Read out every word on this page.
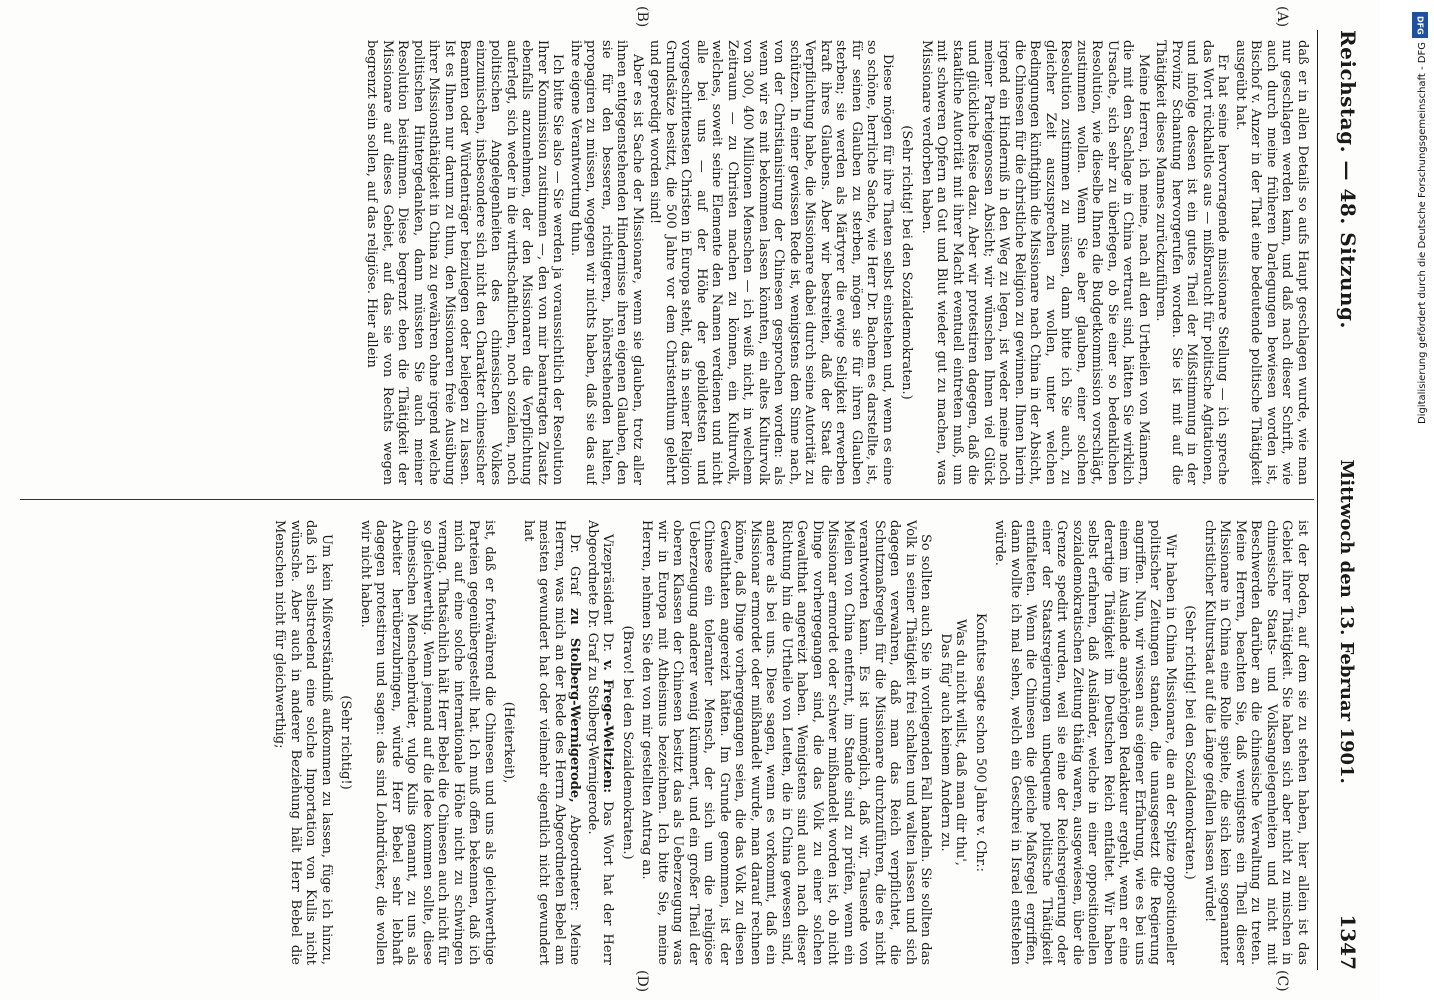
Reichstag. — 48. Sitzung.
Mittwoch den 13. Februar 1901.
1347
(A)
(B)
(C)
(D)

daß er in allen Details so aufs Haupt geschlagen wurde, wie man nur geschlagen werden kann, und daß nach dieser Schrift, wie auch durch meine früheren Darlegungen bewiesen worden ist, Bischof v. Anzer in der That eine bedeutende politische Thätigkeit ausgeübt hat.

Er hat seine hervorragende missionare Stellung — ich spreche das Wort rückhaltlos aus — mißbraucht für politische Agitationen, und infolge dessen ist ein gutes Theil der Mißstimmung in der Provinz Schantung hervorgerufen worden. Sie ist mit auf die Thätigkeit dieses Mannes zurückzuführen.

Meine Herren, ich meine, nach all den Urtheilen von Männern, die mit den Sachlage in China vertraut sind, hätten Sie wirklich Ursache, sich sehr zu überlegen, ob Sie einer so bedenklichen Resolution, wie dieselbe Ihnen die Budgetkommission vorschlägt, zustimmen wollen. Wenn Sie aber glauben, einer solchen Resolution zustimmen zu müssen, dann bitte ich Sie auch, zu gleicher Zeit auszusprechen zu wollen, unter welchen Bedingungen künftighin die Missionare nach China in der Absicht, die Chinesen für die christliche Religion zu gewinnen. Ihnen hierin irgend ein Hinderniß in den Weg zu legen, ist weder meine noch meiner Parteigenossen Absicht; wir wünschen Ihnen viel Glück und glückliche Reise dazu. Aber wir protestiren dagegen, daß die staatliche Autorität mit ihrer Macht eventuell eintreten muß, um mit schweren Opfern an Gut und Blut wieder gut zu machen, was Missionare verdorben haben.

(Sehr richtig! bei den Sozialdemokraten.)

Diese mögen für ihre Thaten selbst einstehen und, wenn es eine so schöne, herrliche Sache, wie Herr Dr. Bachem es darstellte, ist, für seinen Glauben zu sterben, mögen sie für ihren Glauben sterben; sie werden als Märtyrer die ewige Seligkeit erwerben kraft ihres Glaubens. Aber wir bestreiten, daß der Staat die Verpflichtung habe, die Missionare dabei durch seine Autorität zu schützen. In einer gewissen Rede ist, wenigstens dem Sinne nach, von der Christianisirung der Chinesen gesprochen worden: als wenn wir es mit bekommen lassen könnten, ein altes Kulturvolk von 300, 400 Millionen Menschen — ich weiß nicht, in welchem Zeitraum — zu Christen machen zu können, ein Kulturvolk, welches, soweit seine Elemente den Namen verdienen und nicht alle bei uns — auf der Höhe der gebildetsten und vorgeschrittensten Christen in Europa steht, das in seiner Religion Grundsätze besitzt, die 500 Jahre vor dem Christenthum gelehrt und gepredigt worden sind!

Aber es ist Sache der Missionare, wenn sie glauben, trotz aller ihnen entgegenstehenden Hindernisse ihren eigenen Glauben, den sie für den besseren, richtigeren, höherstehenden halten, propagiren zu müssen, wogegen wir nichts haben, daß sie das auf ihre eigene Verantwortung thun.

Ich bitte Sie also — Sie werden ja voraussichtlich der Resolution Ihrer Kommission zustimmen —, den von mir beantragten Zusatz ebenfalls anzunehmen, der den Missionaren die Verpflichtung auferlegt, sich weder in die wirthschaftlichen, noch sozialen, noch politischen Angelegenheiten des chinesischen Volkes einzumischen, insbesondere sich nicht den Charakter chinesischer Beamten oder Würdenträger beizulegen oder beilegen zu lassen. Ist es Ihnen nur darum zu thun, den Missionaren freie Ausübung ihrer Missionsthätigkeit in China zu gewähren ohne irgend welche politischen Hintergedanken, dann müssten Sie auch meiner Resolution beistimmen. Diese begrenzt eben die Thätigkeit der Missionare auf dieses Gebiet, auf das sie von Rechts wegen begrenzt sein sollen, auf das religiöse. Hier allein

ist der Boden, auf dem sie zu stehen haben, hier allein ist das Gebiet ihrer Thätigkeit. Sie haben sich aber nicht zu mischen in chinesische Staats- und Volksangelegenheiten und nicht mit Beschwerden darüber an die chinesische Verwaltung zu treten. Meine Herren, beachten Sie, daß wenigstens ein Theil dieser Missionare in China eine Rolle spielte, die sich kein sogenannter christlicher Kulturstaat auf die Länge gefallen lassen würde!

(Sehr richtig! bei den Sozialdemokraten.)

Wir haben in China Missionare, die an der Spitze oppositioneller politischer Zeitungen standen, die unausgesetzt die Regierung angriffen. Nun, wir wissen aus eigener Erfahrung, wie es bei uns einem im Auslande angehörigen Redakteur ergeht, wenn er eine derartige Thätigkeit im Deutschen Reich entfaltet. Wir haben selbst erfahren, daß Ausländer, welche in einer oppositionellen sozialdemokratischen Zeitung thätig waren, ausgewiesen, über die Grenze spedirt wurden, weil sie eine der Reichsregierung oder einer der Staatsregierungen unbequeme politische Thätigkeit entfalteten. Wenn die Chinesen die gleiche Maßregel ergriffen, dann wollte ich mal sehen, welch ein Geschrei in Israel entstehen würde.

Konfutse sagte schon 500 Jahre v. Chr.:

Was du nicht willst, daß man dir thu',
Das füg' auch keinem Andern zu.

So sollten auch Sie in vorliegenden Fall handeln. Sie sollten das Volk in seiner Thätigkeit frei schalten und walten lassen und sich dagegen verwahren, daß man das Reich verpflichtet, die Schutzmaßregeln für die Missionare durchzuführen, die es nicht verantworten kann. Es ist unmöglich, daß wir, Tausende von Meilen von China entfernt, im Stande sind zu prüfen, wenn ein Missionar ermordet oder schwer mißhandelt worden ist, ob nicht Dinge vorhergegangen sind, die das Volk zu einer solchen Gewaltthat angereizt haben. Wenigstens sind auch nach dieser Richtung hin die Urtheile von Leuten, die in China gewesen sind, andere als bei uns. Diese sagen, wenn es vorkommt, daß ein Missionar ermordet oder mißhandelt wurde, man darauf rechnen könne, daß Dinge vorhergegangen seien, die das Volk zu diesen Gewaltthaten angereizt hätten. Im Grunde genommen, ist der Chinese ein toleranter Mensch, der sich um die religiöse Ueberzeugung anderer wenig kümmert, und ein großer Theil der oberen Klassen der Chinesen besitzt das als Ueberzeugung was wir in Europa mit Atheismus bezeichnen. Ich bitte Sie, meine Herren, nehmen Sie den von mir gestellten Antrag an.

(Bravo! bei den Sozialdemokraten.)

Vizepräsident Dr. v. Frege-Weltzien: Das Wort hat der Herr Abgeordnete Dr. Graf zu Stolberg-Wernigerode.

Dr. Graf zu Stolberg-Wernigerode, Abgeordneter: Meine Herren, was mich an der Rede des Herrn Abgeordneten Bebel am meisten gewundert hat oder vielmehr eigentlich nicht gewundert hat

(Heiterkeit),

ist, daß er fortwährend die Chinesen und uns als gleichwerthige Parteien gegenübergestellt hat. Ich muß offen bekennen, daß ich mich auf eine solche internationale Höhe nicht zu schwingen vermag. Thatsächlich hält Herr Bebel die Chinesen auch nicht für so gleichwerthig. Wenn jemand auf die Idee kommen sollte, diese chinesischen Menschenbrüder, vulgo Kulis genannt, zu uns als Arbeiter herüberzubringen, würde Herr Bebel sehr lebhaft dagegen protestiren und sagen: das sind Lohndrücker, die wollen wir nicht haben.

(Sehr richtig!)

Um kein Mißverständniß aufkommen zu lassen, füge ich hinzu, daß ich selbstredend eine solche Importation von Kulis nicht wünsche. Aber auch in anderer Beziehung hält Herr Bebel die Menschen nicht für gleichwerthig;

DFG
Digitalisierung gefördert durch die Deutsche Forschungsgemeinschaft - DFG
